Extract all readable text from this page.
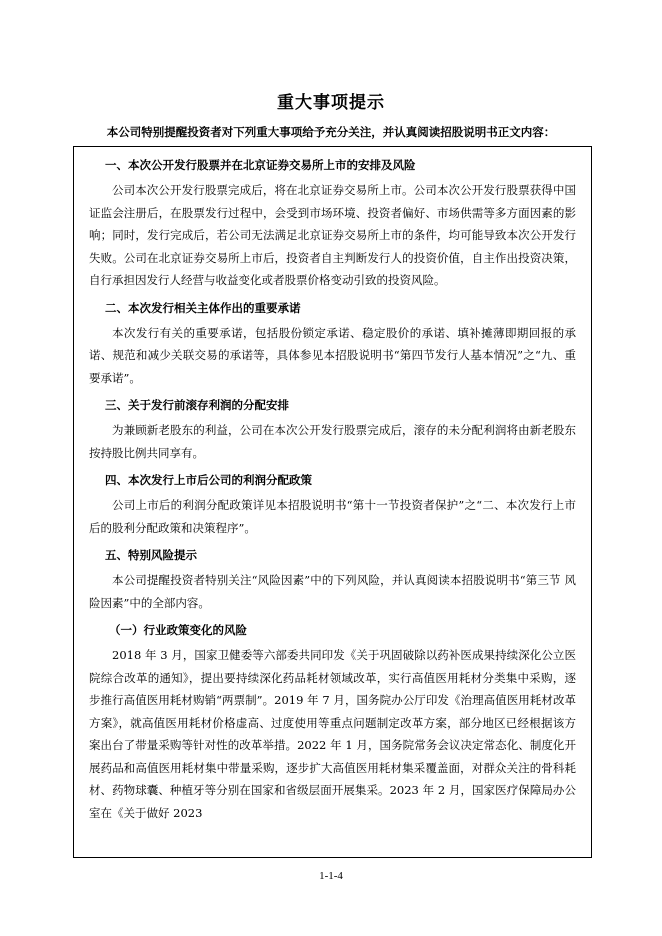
重大事项提示
本公司特别提醒投资者对下列重大事项给予充分关注，并认真阅读招股说明书正文内容：
一、本次公开发行股票并在北京证券交易所上市的安排及风险

公司本次公开发行股票完成后，将在北京证券交易所上市。公司本次公开发行股票获得中国证监会注册后，在股票发行过程中，会受到市场环境、投资者偏好、市场供需等多方面因素的影响；同时，发行完成后，若公司无法满足北京证券交易所上市的条件，均可能导致本次公开发行失败。公司在北京证券交易所上市后，投资者自主判断发行人的投资价值，自主作出投资决策，自行承担因发行人经营与收益变化或者股票价格变动引致的投资风险。

二、本次发行相关主体作出的重要承诺

本次发行有关的重要承诺，包括股份锁定承诺、稳定股价的承诺、填补摊薄即期回报的承诺、规范和减少关联交易的承诺等，具体参见本招股说明书“第四节发行人基本情况”之“九、重要承诺”。

三、关于发行前滚存利润的分配安排

为兼顾新老股东的利益，公司在本次公开发行股票完成后，滚存的未分配利润将由新老股东按持股比例共同享有。

四、本次发行上市后公司的利润分配政策

公司上市后的利润分配政策详见本招股说明书“第十一节投资者保护”之“二、本次发行上市后的股利分配政策和决策程序”。

五、特别风险提示

本公司提醒投资者特别关注“风险因素”中的下列风险，并认真阅读本招股说明书“第三节 风险因素”中的全部内容。

（一）行业政策变化的风险

2018 年 3 月，国家卫健委等六部委共同印发《关于巩固破除以药补医成果持续深化公立医院综合改革的通知》，提出要持续深化药品耗材领域改革，实行高值医用耗材分类集中采购，逐步推行高值医用耗材购销“两票制”。2019 年 7 月，国务院办公厅印发《治理高值医用耗材改革方案》，就高值医用耗材价格虚高、过度使用等重点问题制定改革方案，部分地区已经根据该方案出台了带量采购等针对性的改革举措。2022 年 1 月，国务院常务会议决定常态化、制度化开展药品和高值医用耗材集中带量采购，逐步扩大高值医用耗材集采覆盖面，对群众关注的骨科耗材、药物球囊、种植牙等分别在国家和省级层面开展集采。2023 年 2 月，国家医疗保障局办公室在《关于做好 2023

1-1-4
